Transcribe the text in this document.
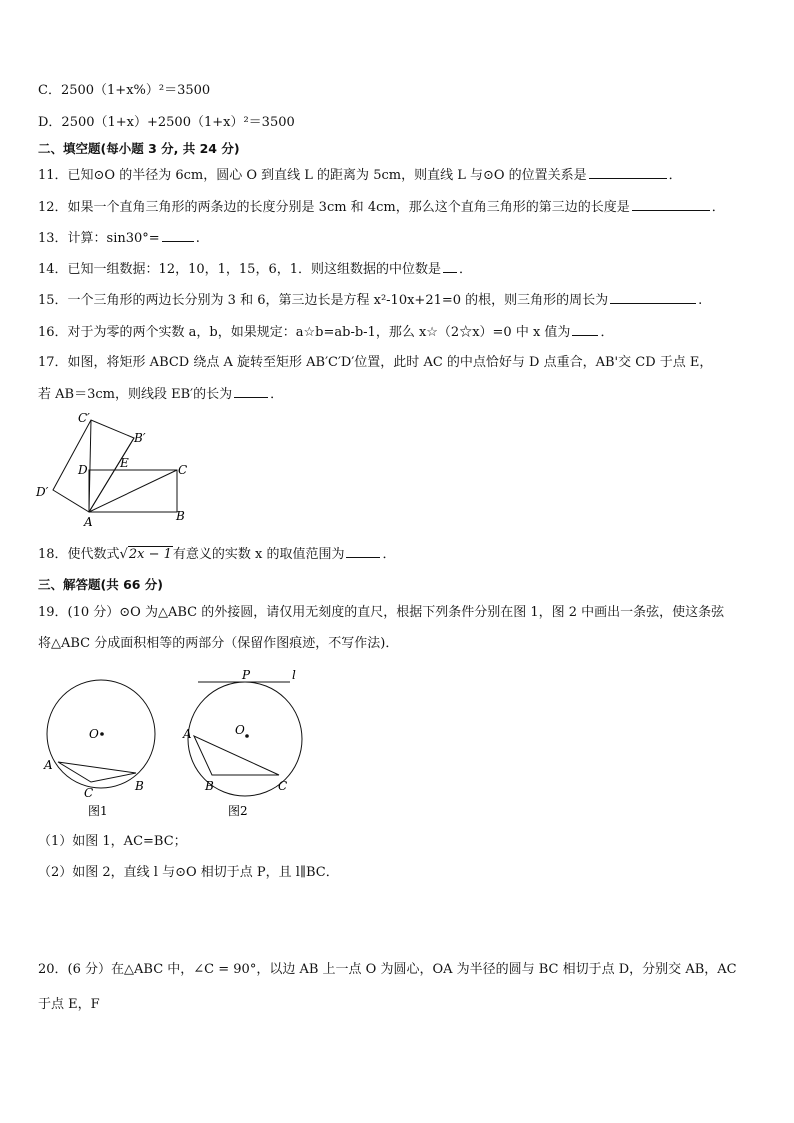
C．2500（1+x%）²＝3500
D．2500（1+x）+2500（1+x）²＝3500
二、填空题(每小题 3 分, 共 24 分)
11．已知⊙O 的半径为 6cm，圆心 O 到直线 L 的距离为 5cm，则直线 L 与⊙O 的位置关系是	．
12．如果一个直角三角形的两条边的长度分别是 3cm 和 4cm，那么这个直角三角形的第三边的长度是	．
13．计算：sin30°=	.
14．已知一组数据：12，10，1，15，6，1．则这组数据的中位数是 ．
15．一个三角形的两边长分别为 3 和 6，第三边长是方程 x²-10x+21=0 的根，则三角形的周长为	.
16．对于为零的两个实数 a，b，如果规定：a☆b=ab-b-1，那么 x☆（2☆x）=0 中 x 值为 ．
17．如图，将矩形 ABCD 绕点 A 旋转至矩形 AB′C′D′位置，此时 AC 的中点恰好与 D 点重合，AB'交 CD 于点 E，
若 AB＝3cm，则线段 EB′的长为	．
C′
B′
D	E	C
D′
A	B
18．使代数式√2x − 1有意义的实数 x 的取值范围为	．
三、解答题(共 66 分)
19．(10 分）⊙O 为△ABC 的外接圆，请仅用无刻度的直尺，根据下列条件分别在图 1，图 2 中画出一条弦，使这条弦
将△ABC 分成面积相等的两部分（保留作图痕迹，不写作法)．
O
A
B
C
图1
P	l
O
A
B	C
图2
（1）如图 1，AC=BC；
（2）如图 2，直线 l 与⊙O 相切于点 P，且 l∥BC．
20．(6 分）在△ABC 中，∠C = 90°，以边 AB 上一点 O 为圆心，OA 为半径的圆与 BC 相切于点 D，分别交 AB，AC
于点 E，F
